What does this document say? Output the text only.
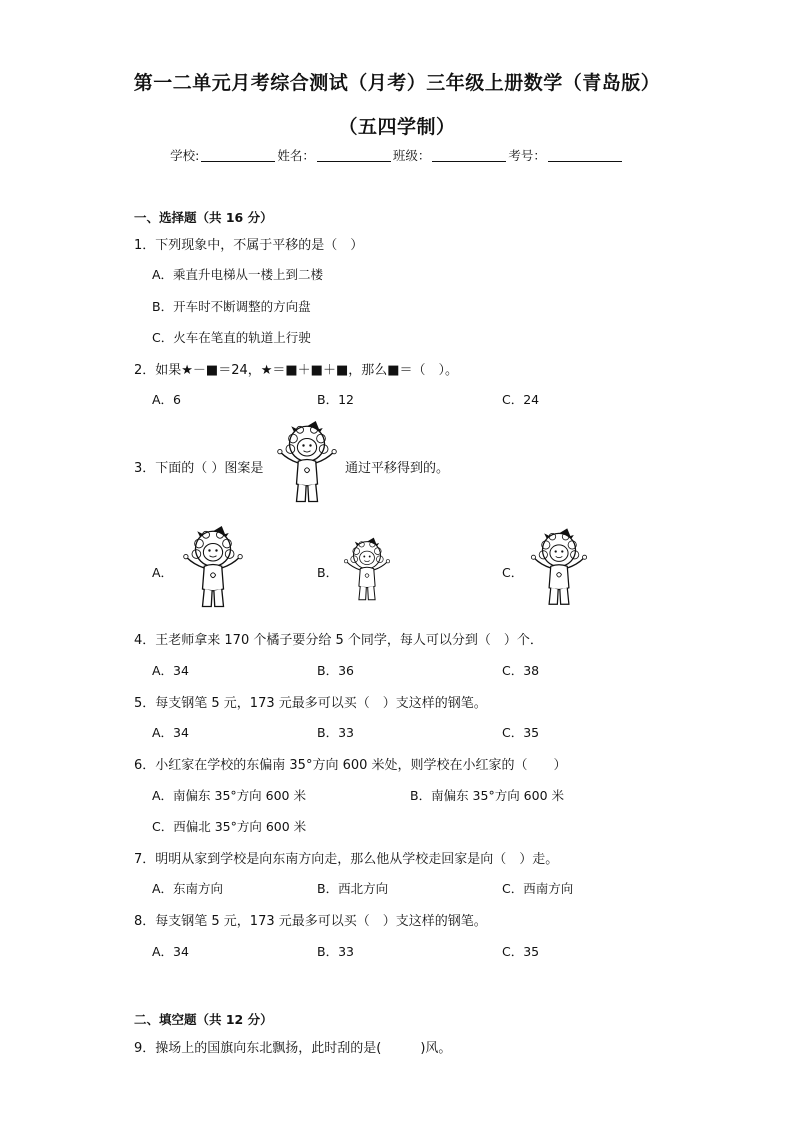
第一二单元月考综合测试（月考）三年级上册数学（青岛版）
（五四学制）
学校:	姓名：	班级：	考号：
一、选择题（共 16 分）
1．下列现象中，不属于平移的是（　）
A．乘直升电梯从一楼上到二楼
B．开车时不断调整的方向盘
C．火车在笔直的轨道上行驶
2．如果★－■＝24，★＝■＋■＋■，那么■＝（　）。
A．6	B．12	C．24
3．下面的（ ）图案是	通过平移得到的。
A．	B．	C．
4．王老师拿来 170 个橘子要分给 5 个同学，每人可以分到（　）个．
A．34	B．36	C．38
5．每支钢笔 5 元，173 元最多可以买（　）支这样的钢笔。
A．34	B．33	C．35
6．小红家在学校的东偏南 35°方向 600 米处，则学校在小红家的（　　）
A．南偏东 35°方向 600 米	B．南偏东 35°方向 600 米
C．西偏北 35°方向 600 米
7．明明从家到学校是向东南方向走，那么他从学校走回家是向（　）走。
A．东南方向	B．西北方向	C．西南方向
8．每支钢笔 5 元，173 元最多可以买（　）支这样的钢笔。
A．34	B．33	C．35
二、填空题（共 12 分）
9．操场上的国旗向东北飘扬，此时刮的是(　　　)风。
